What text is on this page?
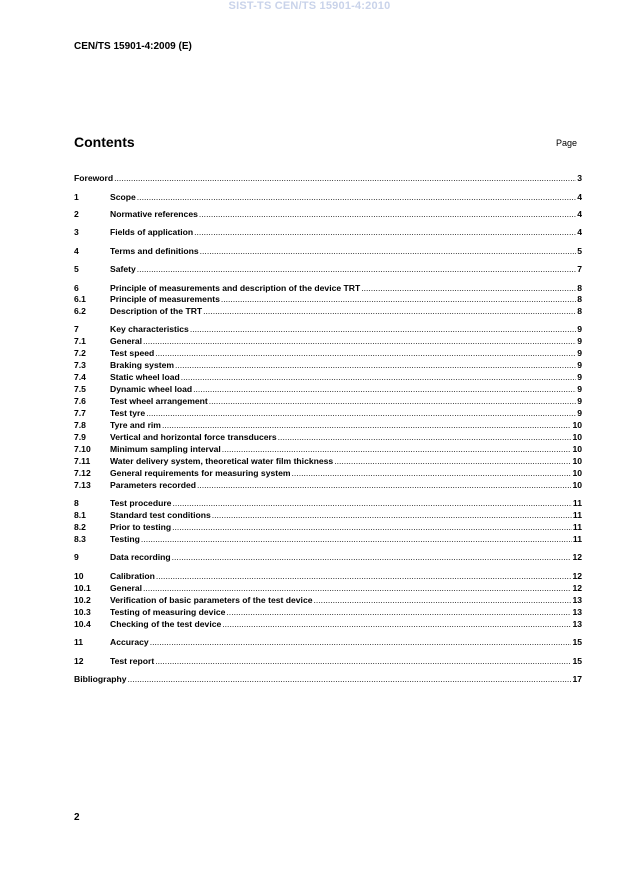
SIST-TS CEN/TS 15901-4:2010
CEN/TS 15901-4:2009 (E)
Contents	Page
Foreword .....	3
1	Scope .....	4
2	Normative references .....	4
3	Fields of application .....	4
4	Terms and definitions .....	5
5	Safety .....	7
6	Principle of measurements and description of the device TRT .....	8
6.1	Principle of measurements .....	8
6.2	Description of the TRT .....	8
7	Key characteristics .....	9
7.1	General .....	9
7.2	Test speed .....	9
7.3	Braking system .....	9
7.4	Static wheel load .....	9
7.5	Dynamic wheel load .....	9
7.6	Test wheel arrangement .....	9
7.7	Test tyre .....	9
7.8	Tyre and rim .....	10
7.9	Vertical and horizontal force transducers .....	10
7.10	Minimum sampling interval .....	10
7.11	Water delivery system, theoretical water film thickness .....	10
7.12	General requirements for measuring system .....	10
7.13	Parameters recorded .....	10
8	Test procedure .....	11
8.1	Standard test conditions .....	11
8.2	Prior to testing .....	11
8.3	Testing .....	11
9	Data recording .....	12
10	Calibration .....	12
10.1	General .....	12
10.2	Verification of basic parameters of the test device .....	13
10.3	Testing of measuring device .....	13
10.4	Checking of the test device .....	13
11	Accuracy .....	15
12	Test report .....	15
Bibliography .....	17
2
